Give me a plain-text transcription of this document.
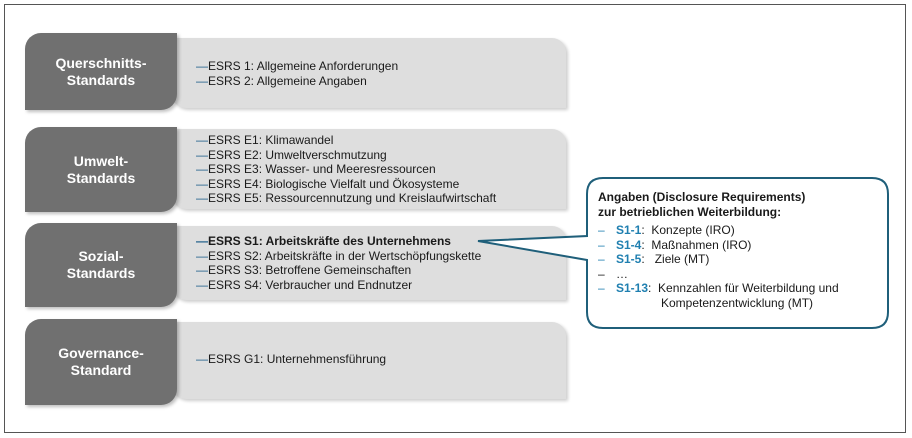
Querschnitts-
Standards
—ESRS 1: Allgemeine Anforderungen
—ESRS 2: Allgemeine Angaben
Umwelt-
Standards
—ESRS E1: Klimawandel
—ESRS E2: Umweltverschmutzung
—ESRS E3: Wasser- und Meeresressourcen
—ESRS E4: Biologische Vielfalt und Ökosysteme
—ESRS E5: Ressourcennutzung und Kreislaufwirtschaft
Sozial-
Standards
—ESRS S1: Arbeitskräfte des Unternehmens
—ESRS S2: Arbeitskräfte in der Wertschöpfungskette
—ESRS S3: Betroffene Gemeinschaften
—ESRS S4: Verbraucher und Endnutzer
Governance-
Standard
—ESRS G1: Unternehmensführung
Angaben (Disclosure Requirements)
zur betrieblichen Weiterbildung:
– S1-1:  Konzepte (IRO)
– S1-4:  Maßnahmen (IRO)
– S1-5:   Ziele (MT)
– …
– S1-13:  Kennzahlen für Weiterbildung und
Kompetenzentwicklung (MT)
